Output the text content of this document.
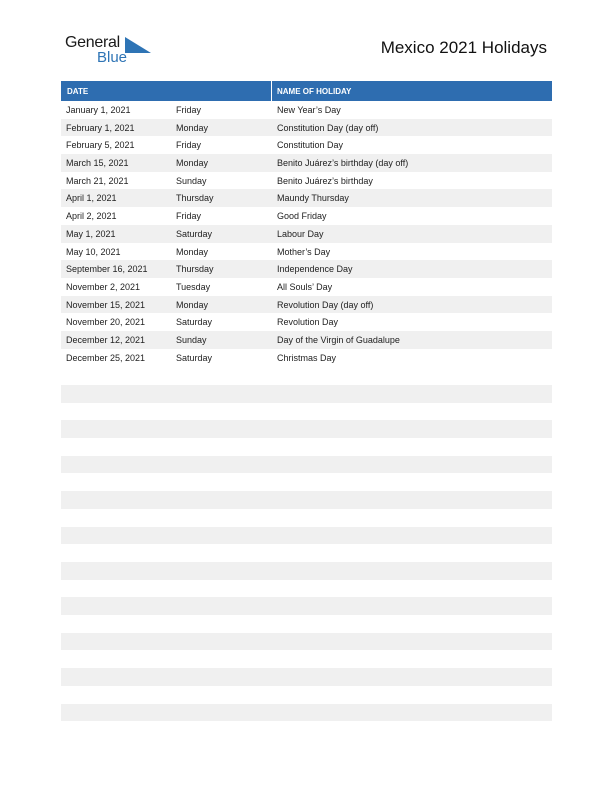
General
Blue
Mexico 2021 Holidays
DATE	NAME OF HOLIDAY
January 1, 2021	Friday	New Year’s Day
February 1, 2021	Monday	Constitution Day (day off)
February 5, 2021	Friday	Constitution Day
March 15, 2021	Monday	Benito Juárez’s birthday (day off)
March 21, 2021	Sunday	Benito Juárez’s birthday
April 1, 2021	Thursday	Maundy Thursday
April 2, 2021	Friday	Good Friday
May 1, 2021	Saturday	Labour Day
May 10, 2021	Monday	Mother’s Day
September 16, 2021	Thursday	Independence Day
November 2, 2021	Tuesday	All Souls’ Day
November 15, 2021	Monday	Revolution Day (day off)
November 20, 2021	Saturday	Revolution Day
December 12, 2021	Sunday	Day of the Virgin of Guadalupe
December 25, 2021	Saturday	Christmas Day
